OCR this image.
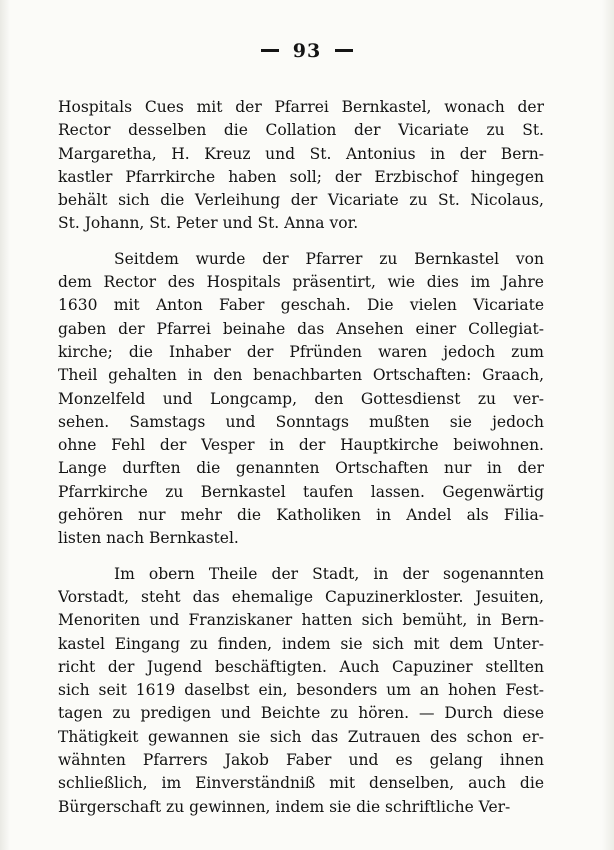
93
Hospitals Cues mit der Pfarrei Bernkastel, wonach der
Rector desselben die Collation der Vicariate zu St.
Margaretha, H. Kreuz und St. Antonius in der Bern-
kastler Pfarrkirche haben soll; der Erzbischof hingegen
behält sich die Verleihung der Vicariate zu St. Nicolaus,
St. Johann, St. Peter und St. Anna vor.
Seitdem wurde der Pfarrer zu Bernkastel von
dem Rector des Hospitals präsentirt, wie dies im Jahre
1630 mit Anton Faber geschah. Die vielen Vicariate
gaben der Pfarrei beinahe das Ansehen einer Collegiat-
kirche; die Inhaber der Pfründen waren jedoch zum
Theil gehalten in den benachbarten Ortschaften: Graach,
Monzelfeld und Longcamp, den Gottesdienst zu ver-
sehen. Samstags und Sonntags mußten sie jedoch
ohne Fehl der Vesper in der Hauptkirche beiwohnen.
Lange durften die genannten Ortschaften nur in der
Pfarrkirche zu Bernkastel taufen lassen. Gegenwärtig
gehören nur mehr die Katholiken in Andel als Filia-
listen nach Bernkastel.
Im obern Theile der Stadt, in der sogenannten
Vorstadt, steht das ehemalige Capuzinerkloster. Jesuiten,
Menoriten und Franziskaner hatten sich bemüht, in Bern-
kastel Eingang zu finden, indem sie sich mit dem Unter-
richt der Jugend beschäftigten. Auch Capuziner stellten
sich seit 1619 daselbst ein, besonders um an hohen Fest-
tagen zu predigen und Beichte zu hören. — Durch diese
Thätigkeit gewannen sie sich das Zutrauen des schon er-
wähnten Pfarrers Jakob Faber und es gelang ihnen
schließlich, im Einverständniß mit denselben, auch die
Bürgerschaft zu gewinnen, indem sie die schriftliche Ver-
